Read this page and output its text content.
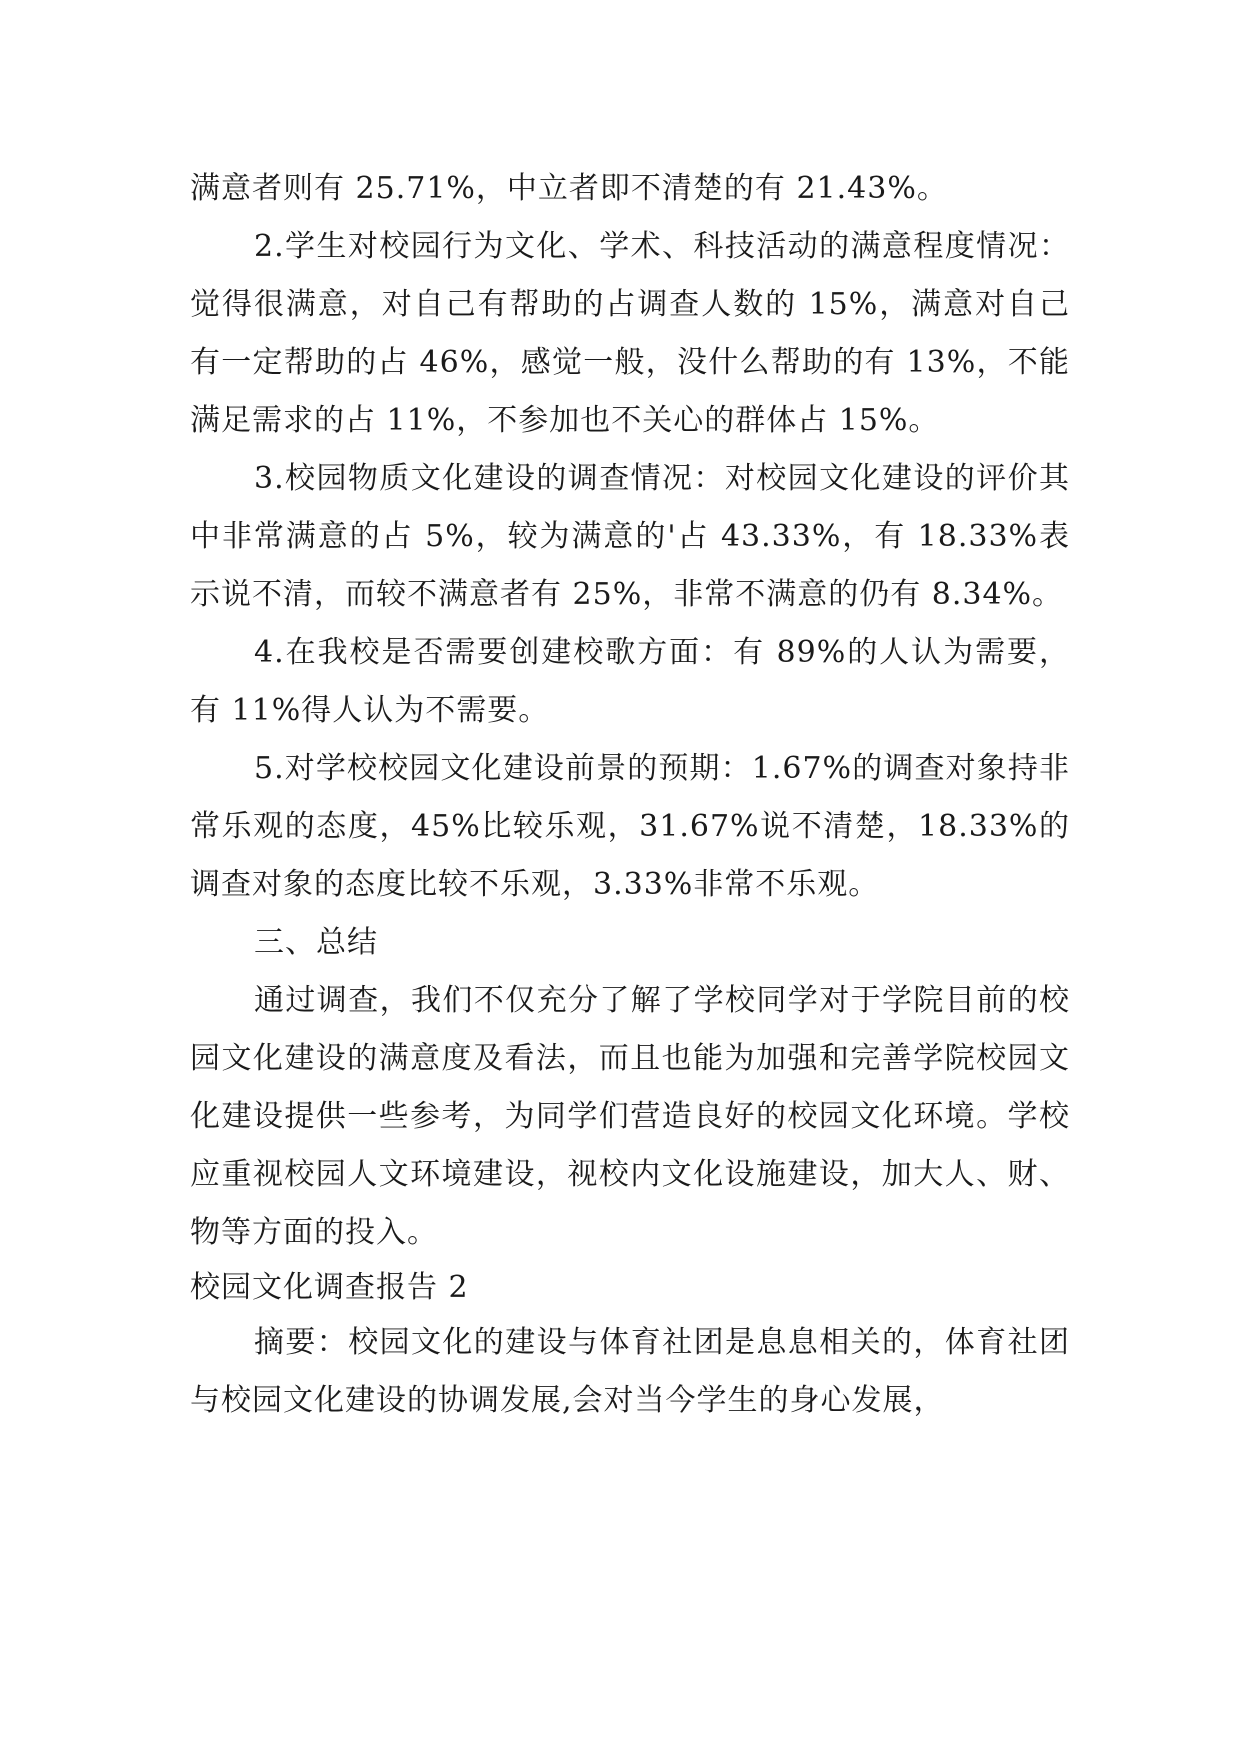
满意者则有 25.71%，中立者即不清楚的有 21.43%。

2.学生对校园行为文化、学术、科技活动的满意程度情况：觉得很满意，对自己有帮助的占调查人数的 15%，满意对自己有一定帮助的占 46%，感觉一般，没什么帮助的有 13%，不能满足需求的占 11%，不参加也不关心的群体占 15%。

3.校园物质文化建设的调查情况：对校园文化建设的评价其中非常满意的占 5%，较为满意的'占 43.33%，有 18.33%表示说不清，而较不满意者有 25%，非常不满意的仍有 8.34%。

4.在我校是否需要创建校歌方面：有 89%的人认为需要，有 11%得人认为不需要。

5.对学校校园文化建设前景的预期：1.67%的调查对象持非常乐观的态度，45%比较乐观，31.67%说不清楚，18.33%的调查对象的态度比较不乐观，3.33%非常不乐观。

三、总结

通过调查，我们不仅充分了解了学校同学对于学院目前的校园文化建设的满意度及看法，而且也能为加强和完善学院校园文化建设提供一些参考，为同学们营造良好的校园文化环境。学校应重视校园人文环境建设，视校内文化设施建设，加大人、财、物等方面的投入。

校园文化调查报告 2

摘要：校园文化的建设与体育社团是息息相关的，体育社团与校园文化建设的协调发展,会对当今学生的身心发展，
